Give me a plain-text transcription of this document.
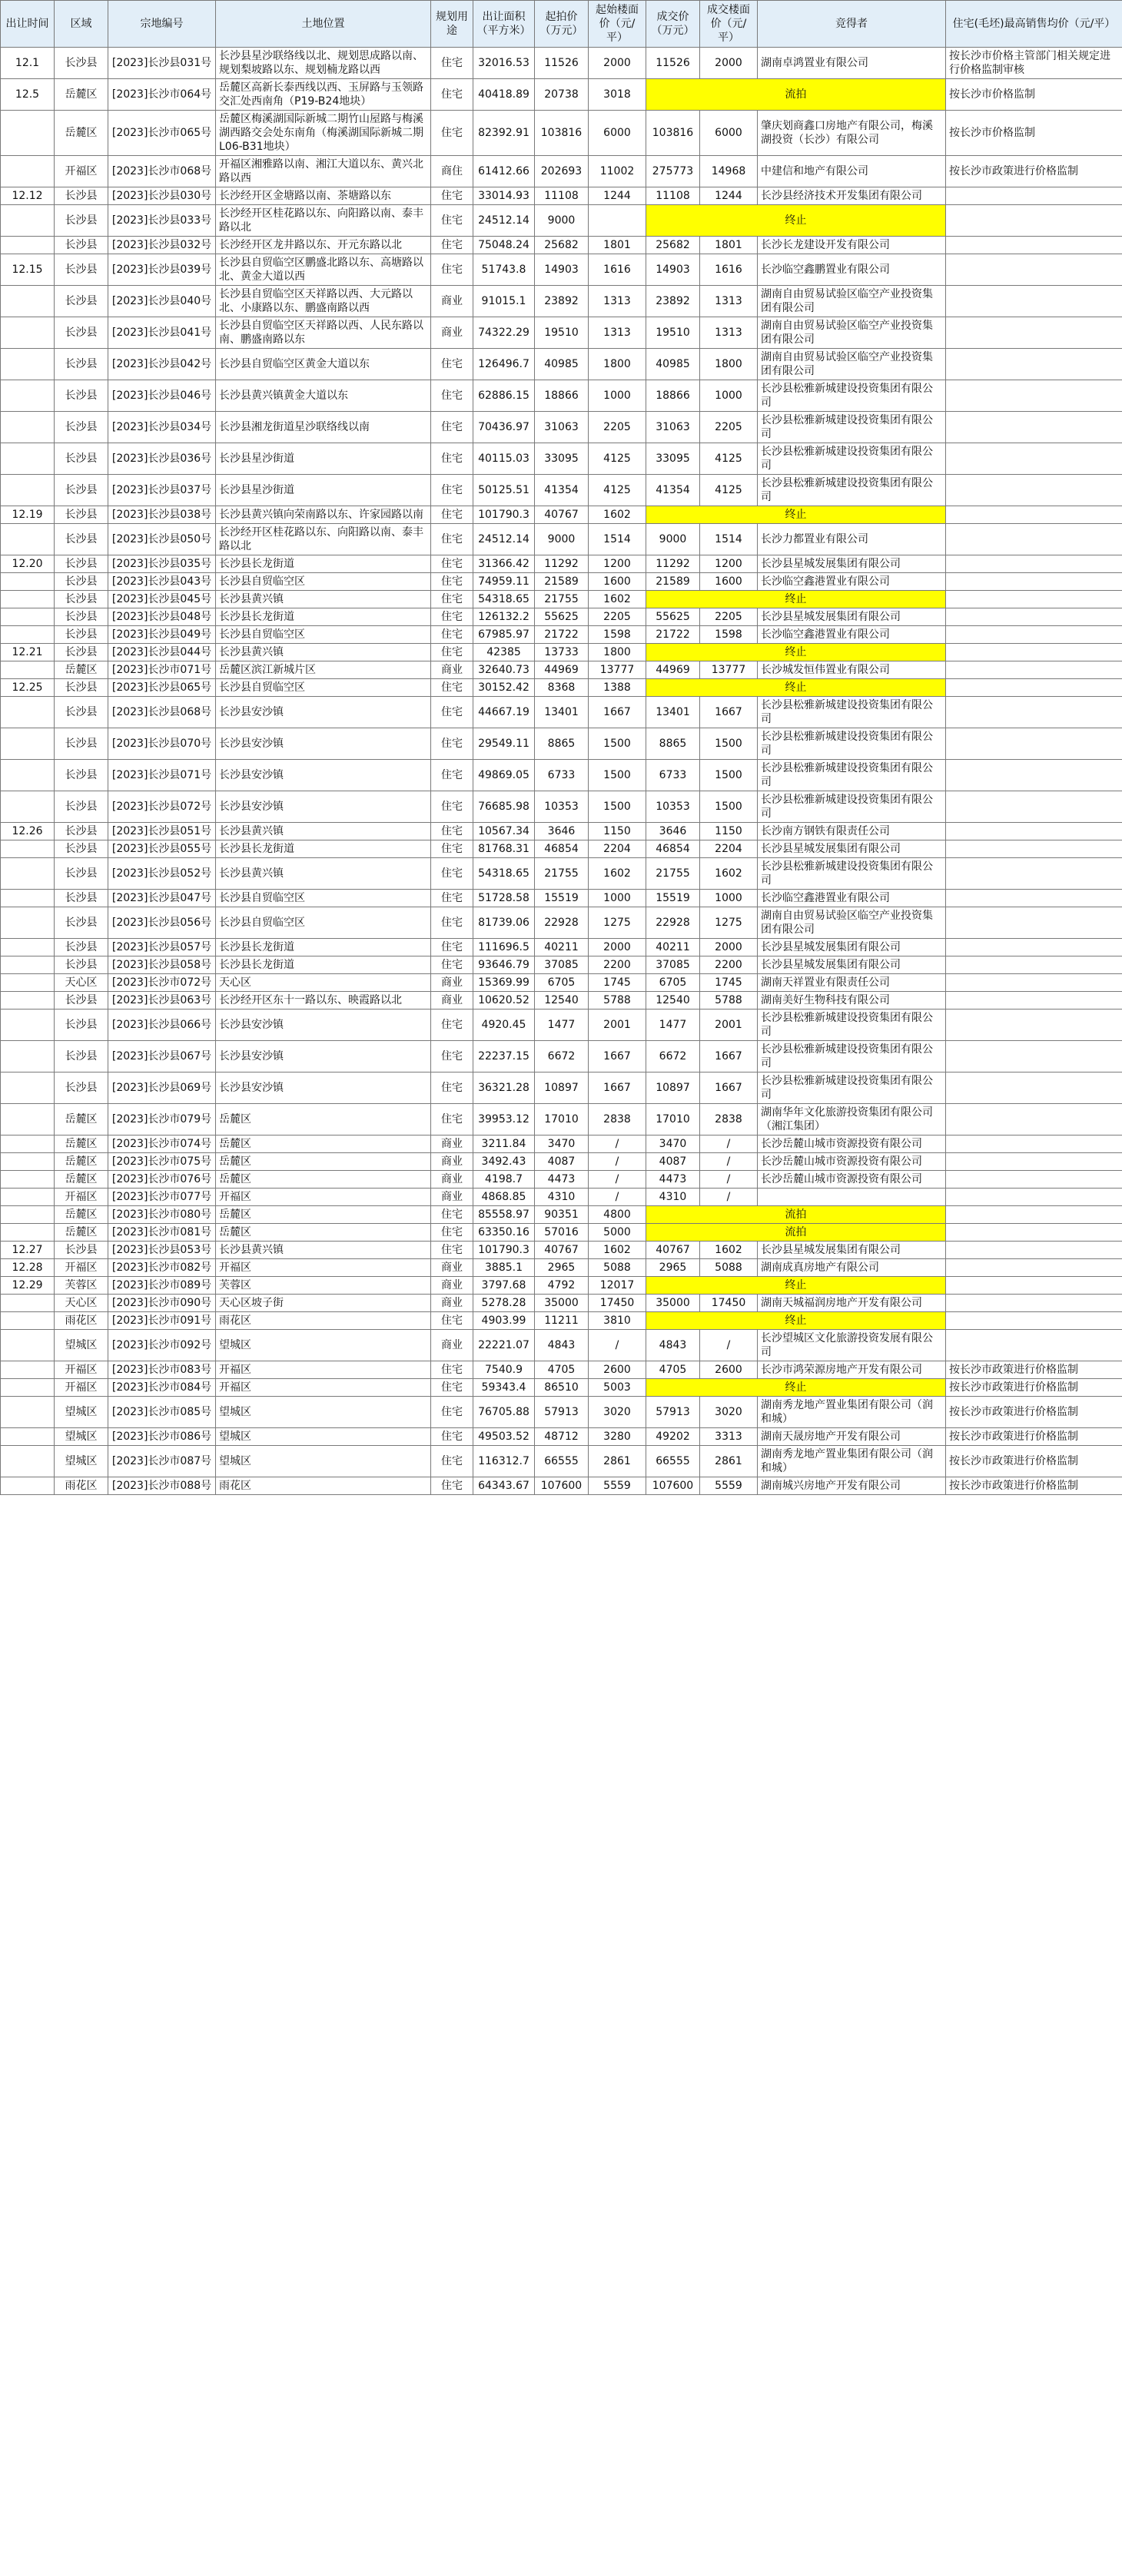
出让时间	区域	宗地编号	土地位置	规划用途	出让面积（平方米）	起拍价（万元）	起始楼面价（元/平）	成交价（万元）	成交楼面价（元/平）	竞得者	住宅(毛坯)最高销售均价（元/平）
12.1	长沙县	[2023]长沙县031号	长沙县星沙联络线以北、规划思成路以南、规划梨坡路以东、规划楠龙路以西	住宅	32016.53	11526	2000	11526	2000	湖南卓鸿置业有限公司	按长沙市价格主管部门相关规定进行价格监制审核
12.5	岳麓区	[2023]长沙市064号	岳麓区高新长泰西线以西、玉屏路与玉领路交汇处西南角（P19-B24地块）	住宅	40418.89	20738	3018	流拍			按长沙市价格监制
	岳麓区	[2023]长沙市065号	岳麓区梅溪湖国际新城二期竹山屋路与梅溪湖西路交会处东南角（梅溪湖国际新城二期L06-B31地块）	住宅	82392.91	103816	6000	103816	6000	肇庆划商鑫口房地产有限公司，梅溪湖投资（长沙）有限公司	按长沙市价格监制
	开福区	[2023]长沙市068号	开福区湘雅路以南、湘江大道以东、黄兴北路以西	商住	61412.66	202693	11002	275773	14968	中建信和地产有限公司	按长沙市政策进行价格监制
12.12	长沙县	[2023]长沙县030号	长沙经开区金塘路以南、茶塘路以东	住宅	33014.93	11108	1244	11108	1244	长沙县经济技术开发集团有限公司	
	长沙县	[2023]长沙县033号	长沙经开区桂花路以东、向阳路以南、泰丰路以北	住宅	24512.14	9000		终止			
	长沙县	[2023]长沙县032号	长沙经开区龙井路以东、开元东路以北	住宅	75048.24	25682	1801	25682	1801	长沙长龙建设开发有限公司	
12.15	长沙县	[2023]长沙县039号	长沙县自贸临空区鹏盛北路以东、高塘路以北、黄金大道以西	住宅	51743.8	14903	1616	14903	1616	长沙临空鑫鹏置业有限公司	
	长沙县	[2023]长沙县040号	长沙县自贸临空区天祥路以西、大元路以北、小康路以东、鹏盛南路以西	商业	91015.1	23892	1313	23892	1313	湖南自由贸易试验区临空产业投资集团有限公司	
	长沙县	[2023]长沙县041号	长沙县自贸临空区天祥路以西、人民东路以南、鹏盛南路以东	商业	74322.29	19510	1313	19510	1313	湖南自由贸易试验区临空产业投资集团有限公司	
	长沙县	[2023]长沙县042号	长沙县自贸临空区黄金大道以东	住宅	126496.7	40985	1800	40985	1800	湖南自由贸易试验区临空产业投资集团有限公司	
	长沙县	[2023]长沙县046号	长沙县黄兴镇黄金大道以东	住宅	62886.15	18866	1000	18866	1000	长沙县松雅新城建设投资集团有限公司	
	长沙县	[2023]长沙县034号	长沙县湘龙街道星沙联络线以南	住宅	70436.97	31063	2205	31063	2205	长沙县松雅新城建设投资集团有限公司	
	长沙县	[2023]长沙县036号	长沙县星沙街道	住宅	40115.03	33095	4125	33095	4125	长沙县松雅新城建设投资集团有限公司	
	长沙县	[2023]长沙县037号	长沙县星沙街道	住宅	50125.51	41354	4125	41354	4125	长沙县松雅新城建设投资集团有限公司	
12.19	长沙县	[2023]长沙县038号	长沙县黄兴镇向荣南路以东、许家园路以南	住宅	101790.3	40767	1602	终止			
	长沙县	[2023]长沙县050号	长沙经开区桂花路以东、向阳路以南、泰丰路以北	住宅	24512.14	9000	1514	9000	1514	长沙力都置业有限公司	
12.20	长沙县	[2023]长沙县035号	长沙县长龙街道	住宅	31366.42	11292	1200	11292	1200	长沙县星城发展集团有限公司	
	长沙县	[2023]长沙县043号	长沙县自贸临空区	住宅	74959.11	21589	1600	21589	1600	长沙临空鑫港置业有限公司	
	长沙县	[2023]长沙县045号	长沙县黄兴镇	住宅	54318.65	21755	1602	终止			
	长沙县	[2023]长沙县048号	长沙县长龙街道	住宅	126132.2	55625	2205	55625	2205	长沙县星城发展集团有限公司	
	长沙县	[2023]长沙县049号	长沙县自贸临空区	住宅	67985.97	21722	1598	21722	1598	长沙临空鑫港置业有限公司	
12.21	长沙县	[2023]长沙县044号	长沙县黄兴镇	住宅	42385	13733	1800	终止			
	岳麓区	[2023]长沙市071号	岳麓区滨江新城片区	商业	32640.73	44969	13777	44969	13777	长沙城发恒伟置业有限公司	
12.25	长沙县	[2023]长沙县065号	长沙县自贸临空区	住宅	30152.42	8368	1388	终止			
	长沙县	[2023]长沙县068号	长沙县安沙镇	住宅	44667.19	13401	1667	13401	1667	长沙县松雅新城建设投资集团有限公司	
	长沙县	[2023]长沙县070号	长沙县安沙镇	住宅	29549.11	8865	1500	8865	1500	长沙县松雅新城建设投资集团有限公司	
	长沙县	[2023]长沙县071号	长沙县安沙镇	住宅	49869.05	6733	1500	6733	1500	长沙县松雅新城建设投资集团有限公司	
	长沙县	[2023]长沙县072号	长沙县安沙镇	住宅	76685.98	10353	1500	10353	1500	长沙县松雅新城建设投资集团有限公司	
12.26	长沙县	[2023]长沙县051号	长沙县黄兴镇	住宅	10567.34	3646	1150	3646	1150	长沙南方钢铁有限责任公司	
	长沙县	[2023]长沙县055号	长沙县长龙街道	住宅	81768.31	46854	2204	46854	2204	长沙县星城发展集团有限公司	
	长沙县	[2023]长沙县052号	长沙县黄兴镇	住宅	54318.65	21755	1602	21755	1602	长沙县松雅新城建设投资集团有限公司	
	长沙县	[2023]长沙县047号	长沙县自贸临空区	住宅	51728.58	15519	1000	15519	1000	长沙临空鑫港置业有限公司	
	长沙县	[2023]长沙县056号	长沙县自贸临空区	住宅	81739.06	22928	1275	22928	1275	湖南自由贸易试验区临空产业投资集团有限公司	
	长沙县	[2023]长沙县057号	长沙县长龙街道	住宅	111696.5	40211	2000	40211	2000	长沙县星城发展集团有限公司	
	长沙县	[2023]长沙县058号	长沙县长龙街道	住宅	93646.79	37085	2200	37085	2200	长沙县星城发展集团有限公司	
	天心区	[2023]长沙市072号	天心区	商业	15369.99	6705	1745	6705	1745	湖南天祥置业有限责任公司	
	长沙县	[2023]长沙县063号	长沙经开区东十一路以东、映霞路以北	商业	10620.52	12540	5788	12540	5788	湖南美好生物科技有限公司	
	长沙县	[2023]长沙县066号	长沙县安沙镇	住宅	4920.45	1477	2001	1477	2001	长沙县松雅新城建设投资集团有限公司	
	长沙县	[2023]长沙县067号	长沙县安沙镇	住宅	22237.15	6672	1667	6672	1667	长沙县松雅新城建设投资集团有限公司	
	长沙县	[2023]长沙县069号	长沙县安沙镇	住宅	36321.28	10897	1667	10897	1667	长沙县松雅新城建设投资集团有限公司	
	岳麓区	[2023]长沙市079号	岳麓区	住宅	39953.12	17010	2838	17010	2838	湖南华年文化旅游投资集团有限公司（湘江集团）	
	岳麓区	[2023]长沙市074号	岳麓区	商业	3211.84	3470	/	3470	/	长沙岳麓山城市资源投资有限公司	
	岳麓区	[2023]长沙市075号	岳麓区	商业	3492.43	4087	/	4087	/	长沙岳麓山城市资源投资有限公司	
	岳麓区	[2023]长沙市076号	岳麓区	商业	4198.7	4473	/	4473	/	长沙岳麓山城市资源投资有限公司	
	开福区	[2023]长沙市077号	开福区	商业	4868.85	4310	/	4310	/		
	岳麓区	[2023]长沙市080号	岳麓区	住宅	85558.97	90351	4800	流拍			
	岳麓区	[2023]长沙市081号	岳麓区	住宅	63350.16	57016	5000	流拍			
12.27	长沙县	[2023]长沙县053号	长沙县黄兴镇	住宅	101790.3	40767	1602	40767	1602	长沙县星城发展集团有限公司	
12.28	开福区	[2023]长沙市082号	开福区	商业	3885.1	2965	5088	2965	5088	湖南成真房地产有限公司	
12.29	芙蓉区	[2023]长沙市089号	芙蓉区	商业	3797.68	4792	12017	终止			
	天心区	[2023]长沙市090号	天心区坡子街	商业	5278.28	35000	17450	35000	17450	湖南天城福润房地产开发有限公司	
	雨花区	[2023]长沙市091号	雨花区	住宅	4903.99	11211	3810	终止			
	望城区	[2023]长沙市092号	望城区	商业	22221.07	4843	/	4843	/	长沙望城区文化旅游投资发展有限公司	
	开福区	[2023]长沙市083号	开福区	住宅	7540.9	4705	2600	4705	2600	长沙市鸿荣源房地产开发有限公司	按长沙市政策进行价格监制
	开福区	[2023]长沙市084号	开福区	住宅	59343.4	86510	5003	终止			按长沙市政策进行价格监制
	望城区	[2023]长沙市085号	望城区	住宅	76705.88	57913	3020	57913	3020	湖南秀龙地产置业集团有限公司（润和城）	按长沙市政策进行价格监制
	望城区	[2023]长沙市086号	望城区	住宅	49503.52	48712	3280	49202	3313	湖南天晟房地产开发有限公司	按长沙市政策进行价格监制
	望城区	[2023]长沙市087号	望城区	住宅	116312.7	66555	2861	66555	2861	湖南秀龙地产置业集团有限公司（润和城）	按长沙市政策进行价格监制
	雨花区	[2023]长沙市088号	雨花区	住宅	64343.67	107600	5559	107600	5559	湖南城兴房地产开发有限公司	按长沙市政策进行价格监制
